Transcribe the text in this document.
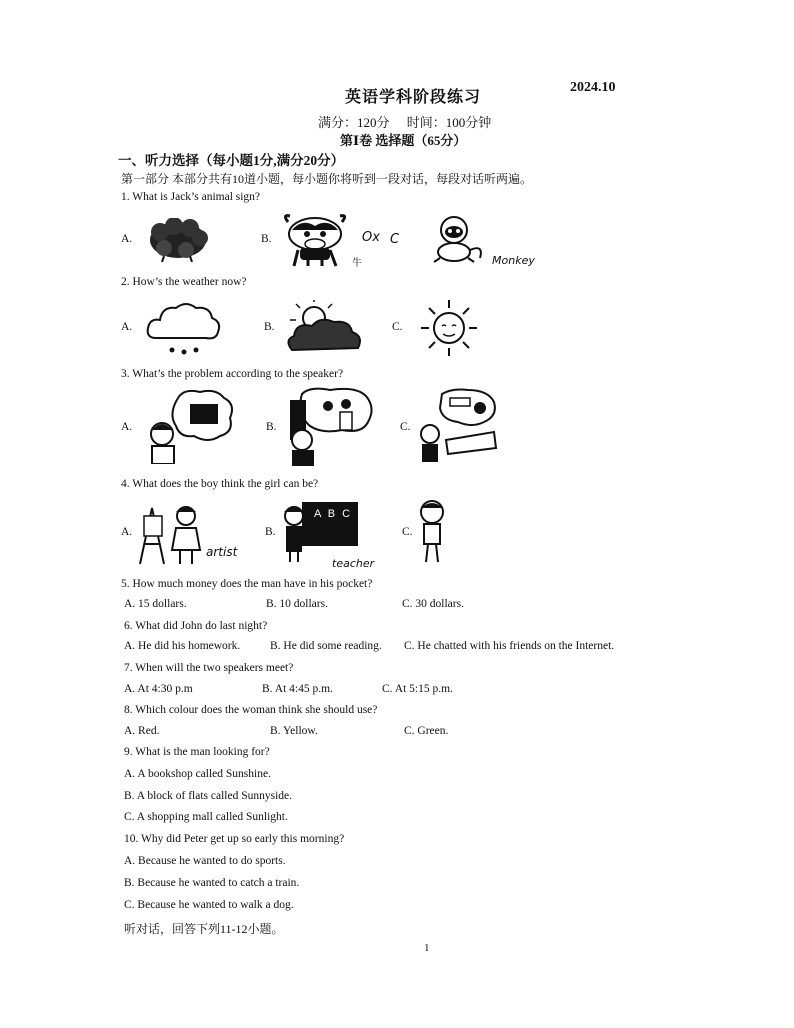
英语学科阶段练习
2024.10
满分：120分 时间：100分钟
第Ⅰ卷 选择题（65分）
一、听力选择（每小题1分,满分20分）
第一部分 本部分共有10道小题，每小题你将听到一段对话，每段对话听两遍。
1. What is Jack’s animal sign?
A.	B.	Ox C
牛	Monkey
2. How’s the weather now?
A.	B.	C.
3. What’s the problem according to the speaker?
A.	B.	C.
4. What does the boy think the girl can be?
A.
artist
B.
A B C
teacher
C.
5. How much money does the man have in his pocket?
A. 15 dollars.	B. 10 dollars.	C. 30 dollars.
6. What did John do last night?
A. He did his homework.	B. He did some reading. C. He chatted with his friends on the Internet.
7. When will the two speakers meet?
A. At 4:30 p.m	B. At 4:45 p.m.	C. At 5:15 p.m.
8. Which colour does the woman think she should use?
A. Red.	B. Yellow.	C. Green.
9. What is the man looking for?
A. A bookshop called Sunshine.
B. A block of flats called Sunnyside.
C. A shopping mall called Sunlight.
10. Why did Peter get up so early this morning?
A. Because he wanted to do sports.
B. Because he wanted to catch a train.
C. Because he wanted to walk a dog.
听对话，回答下列11-12小题。
1
